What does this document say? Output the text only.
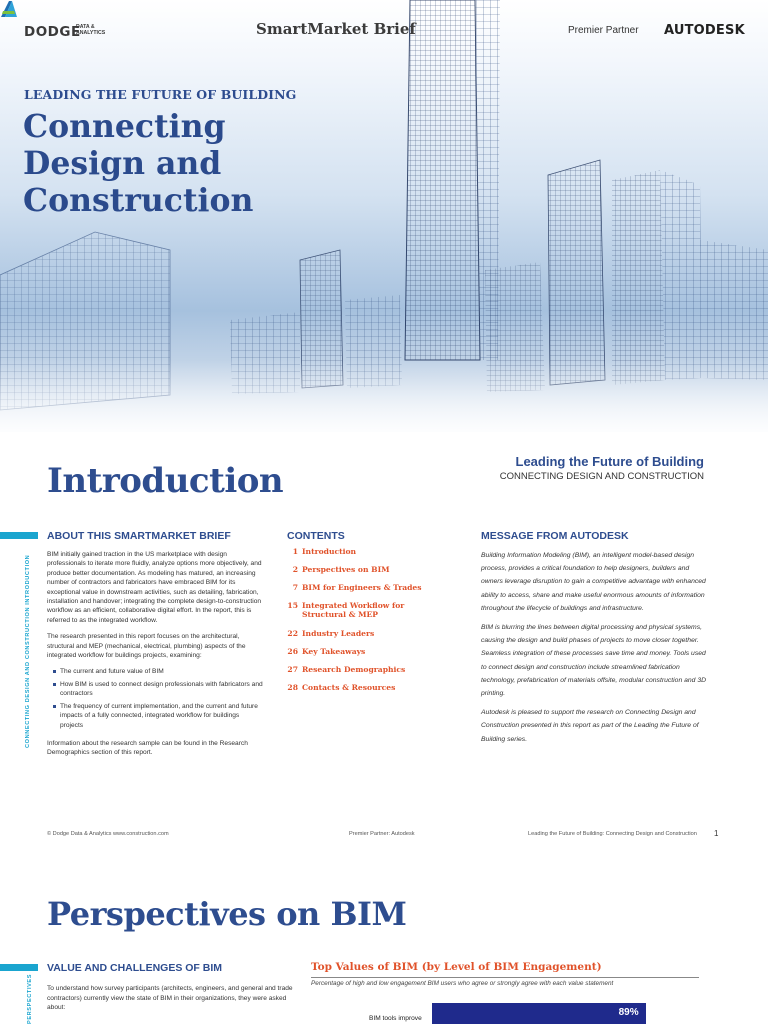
DODGE
DATA & ANALYTICS	SmartMarket Brief	Premier Partner AUTODESK
LEADING THE FUTURE OF BUILDING
Connecting Design and Construction
Introduction	Leading the Future of Building
CONNECTING DESIGN AND CONSTRUCTION
CONNECTING DESIGN AND CONSTRUCTION INTRODUCTION
ABOUT THIS SMARTMARKET BRIEF

BIM initially gained traction in the US marketplace with design professionals to iterate more fluidly, analyze options more objectively, and produce better documentation. As modeling has matured, an increasing number of contractors and fabricators have embraced BIM for its exceptional value in downstream activities, such as detailing, fabrication, installation and handover; integrating the complete design-to-construction workflow as an efficient, collaborative digital effort. In the report, this is referred to as the integrated workflow.

The research presented in this report focuses on the architectural, structural and MEP (mechanical, electrical, plumbing) aspects of the integrated workflow for buildings projects, examining:

The current and future value of BIM
How BIM is used to connect design professionals with fabricators and contractors
The frequency of current implementation, and the current and future impacts of a fully connected, integrated workflow for buildings projects

Information about the research sample can be found in the Research Demographics section of this report.

CONTENTS
1 Introduction
2 Perspectives on BIM
7 BIM for Engineers & Trades
15 Integrated Workflow for Structural & MEP
22 Industry Leaders
26 Key Takeaways
27 Research Demographics
28 Contacts & Resources
MESSAGE FROM AUTODESK

Building Information Modeling (BIM), an intelligent model-based design process, provides a critical foundation to help designers, builders and owners leverage disruption to gain a competitive advantage with enhanced ability to access, share and make useful enormous amounts of information throughout the lifecycle of buildings and infrastructure.

BIM is blurring the lines between digital processing and physical systems, causing the design and build phases of projects to move closer together. Seamless integration of these processes save time and money. Tools used to connect design and construction include streamlined fabrication technology, prefabrication of materials offsite, modular construction and 3D printing.

Autodesk is pleased to support the research on Connecting Design and Construction presented in this report as part of the Leading the Future of Building series.

© Dodge Data & Analytics www.construction.com	Premier Partner: Autodesk	Leading the Future of Building: Connecting Design and Construction 1
Perspectives on BIM
PERSPECTIVES
VALUE AND CHALLENGES OF BIM
To understand how survey participants (architects, engineers, and general and trade contractors) currently view the state of BIM in their organizations, they were asked about:
Top Values of BIM (by Level of BIM Engagement)
Percentage of high and low engagement BIM users who agree or strongly agree with each value statement
BIM tools improve
89%
